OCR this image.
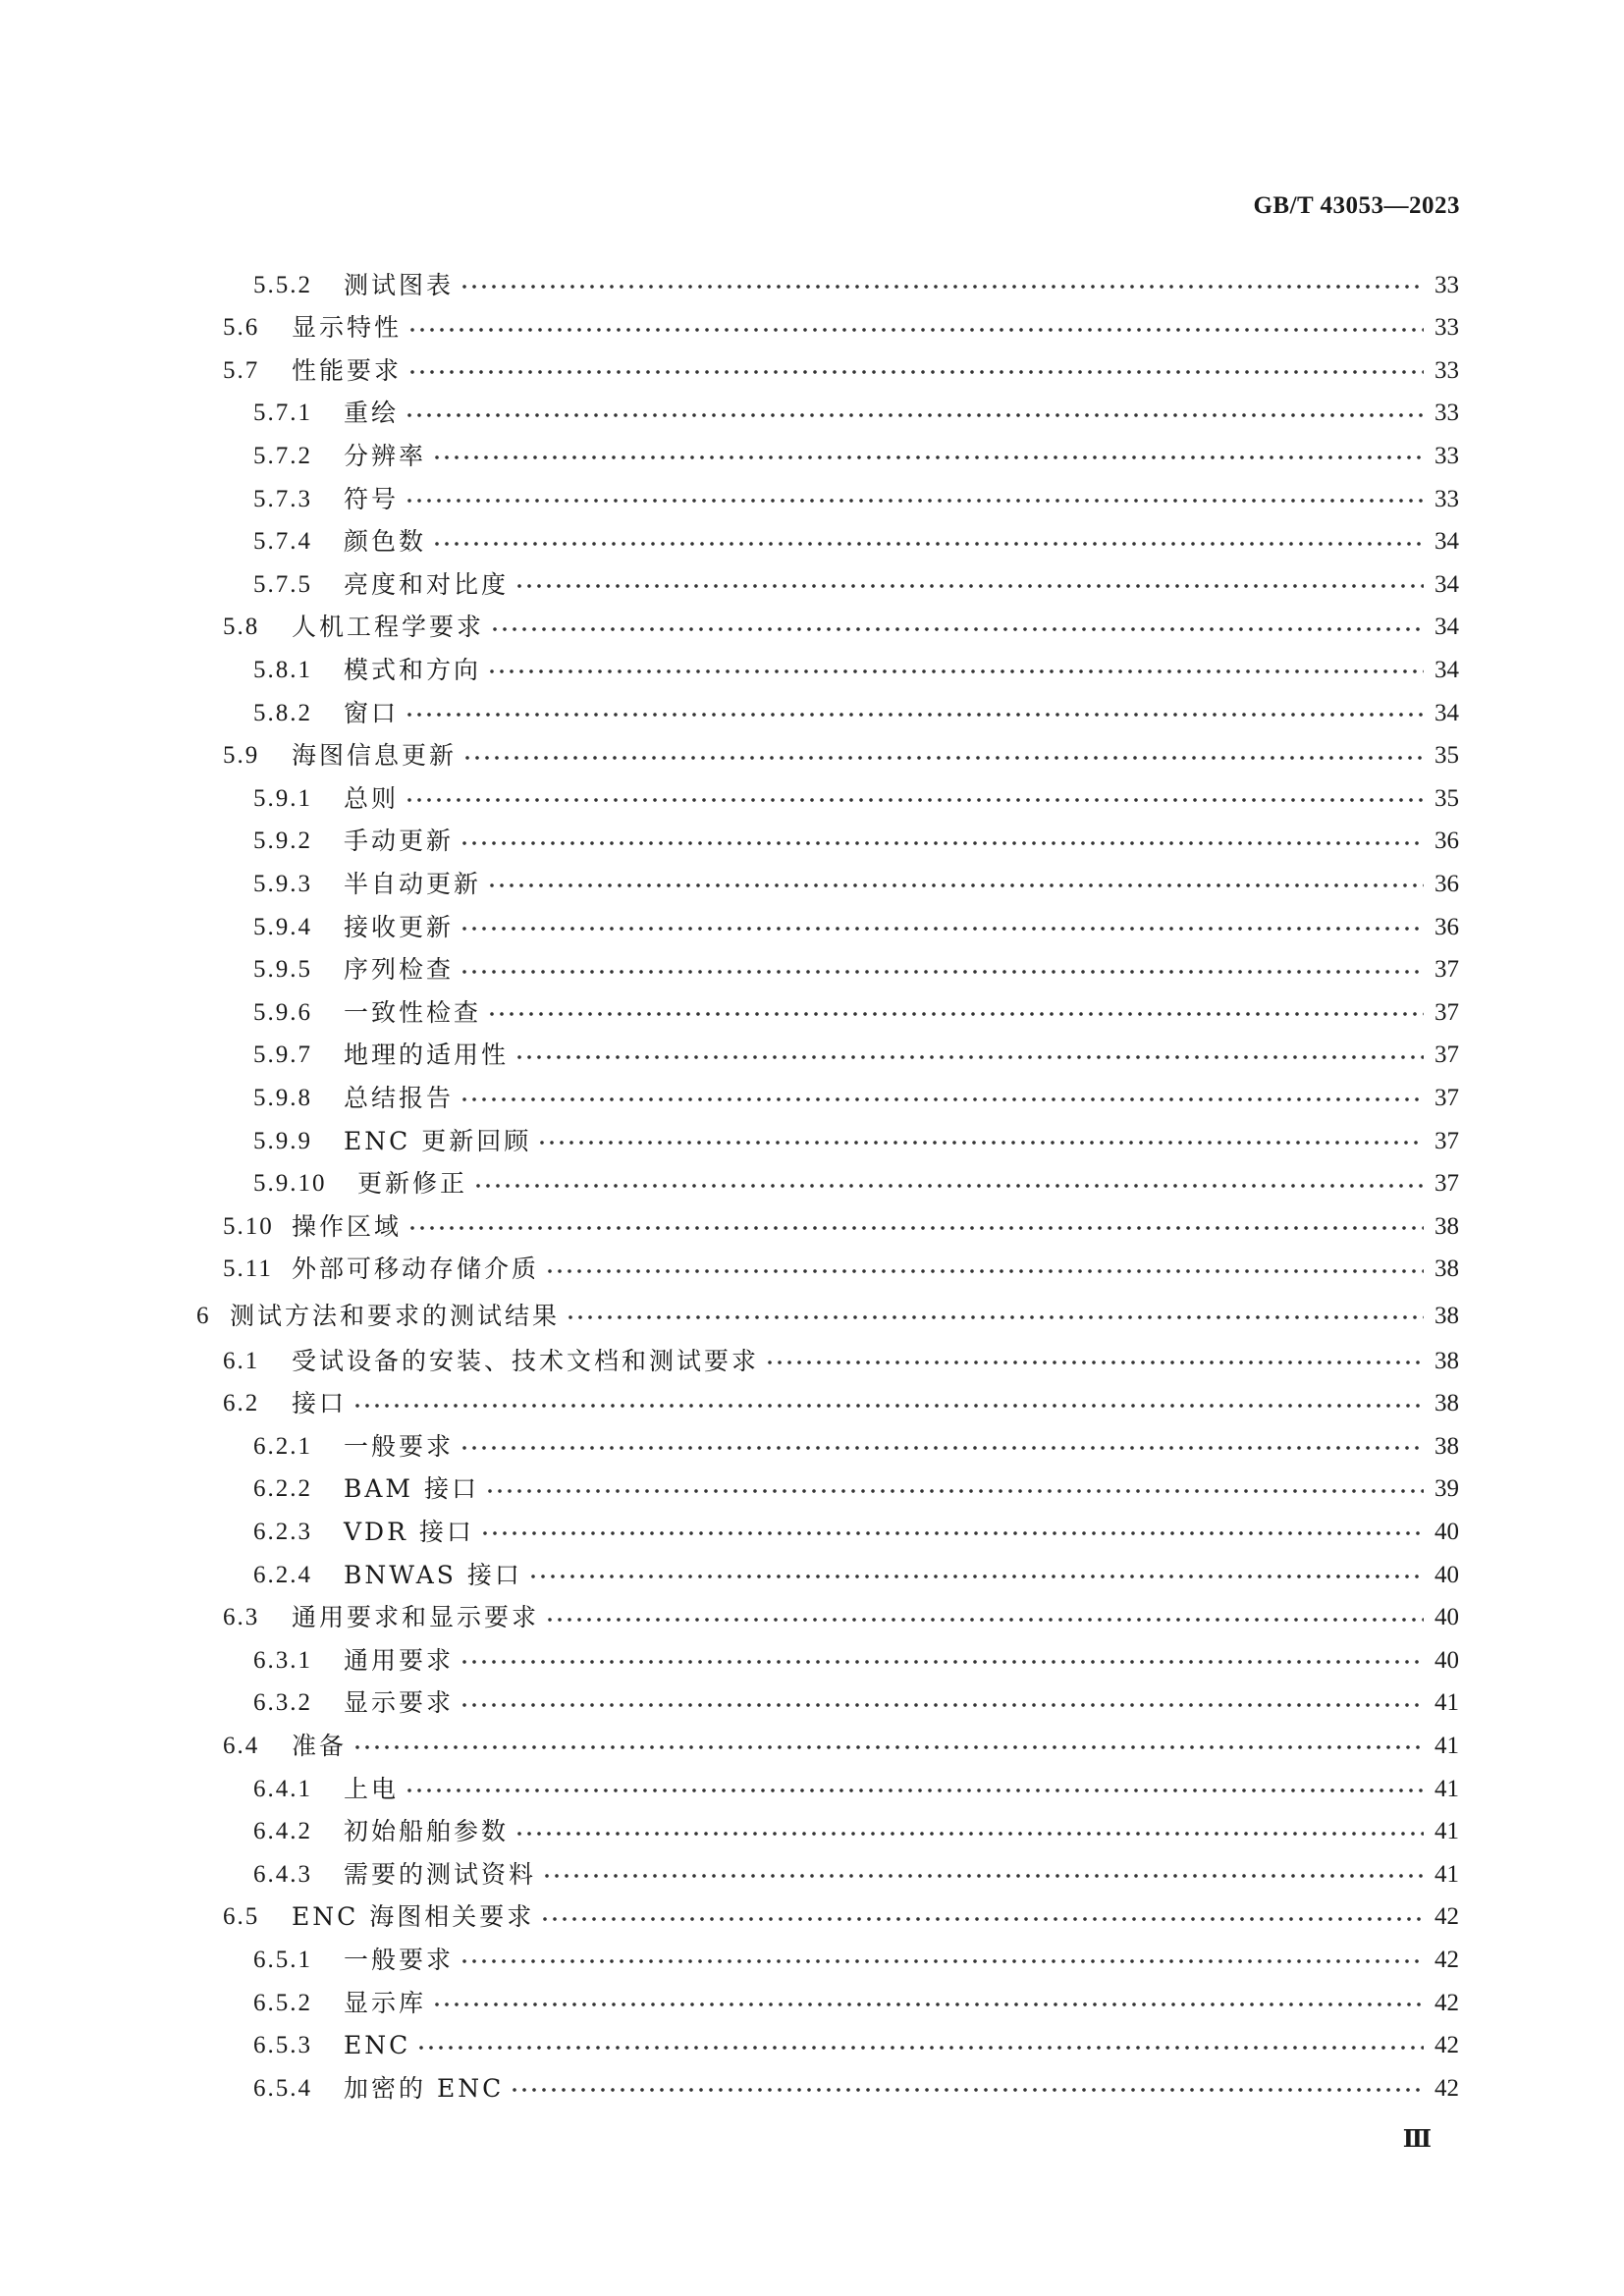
GB/T 43053—2023
5.5.2	测试图表	33
5.6	显示特性	33
5.7	性能要求	33
5.7.1	重绘	33
5.7.2	分辨率	33
5.7.3	符号	33
5.7.4	颜色数	34
5.7.5	亮度和对比度	34
5.8	人机工程学要求	34
5.8.1	模式和方向	34
5.8.2	窗口	34
5.9	海图信息更新	35
5.9.1	总则	35
5.9.2	手动更新	36
5.9.3	半自动更新	36
5.9.4	接收更新	36
5.9.5	序列检查	37
5.9.6	一致性检查	37
5.9.7	地理的适用性	37
5.9.8	总结报告	37
5.9.9	ENC 更新回顾	37
5.9.10	更新修正	37
5.10 操作区域	38
5.11 外部可移动存储介质	38
6 测试方法和要求的测试结果	38
6.1	受试设备的安装、技术文档和测试要求	38
6.2	接口	38
6.2.1	一般要求	38
6.2.2	BAM 接口	39
6.2.3	VDR 接口	40
6.2.4	BNWAS 接口	40
6.3	通用要求和显示要求	40
6.3.1	通用要求	40
6.3.2	显示要求	41
6.4	准备	41
6.4.1	上电	41
6.4.2	初始船舶参数	41
6.4.3	需要的测试资料	41
6.5	ENC 海图相关要求	42
6.5.1	一般要求	42
6.5.2	显示库	42
6.5.3	ENC	42
6.5.4	加密的 ENC	42
Ⅲ
